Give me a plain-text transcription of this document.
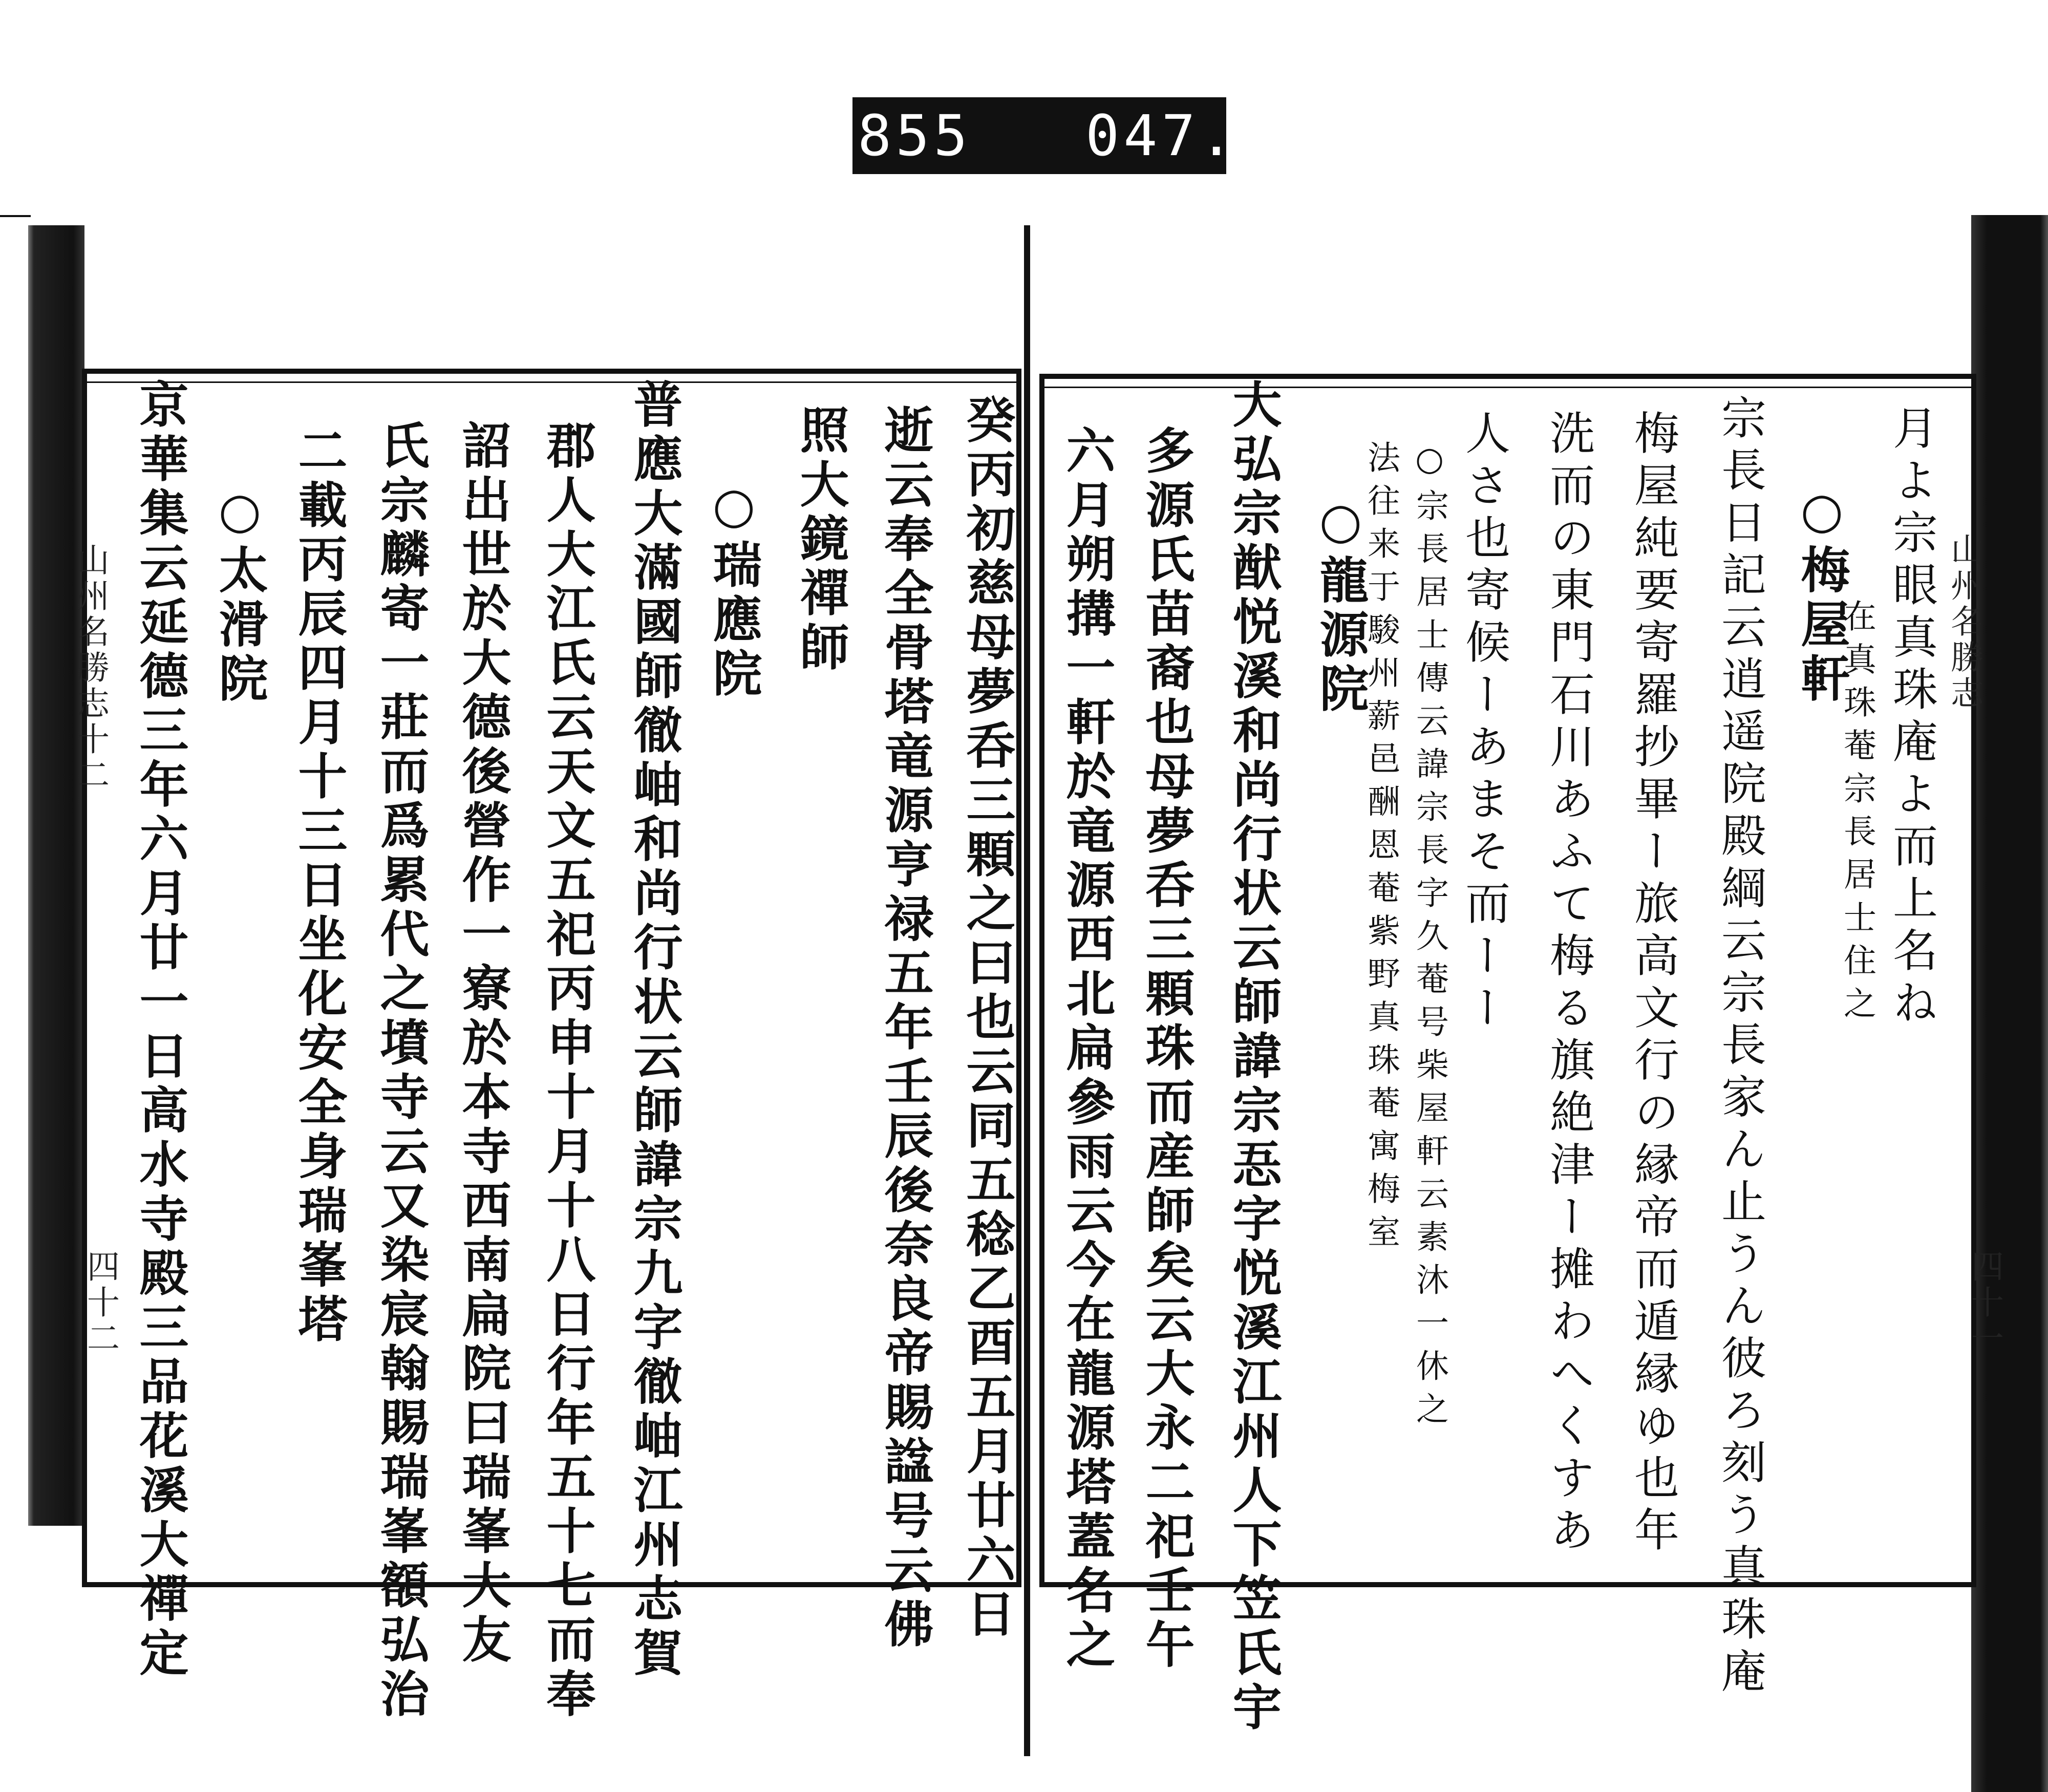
855 047.
山州名勝志十二
四十二	癸丙初慈母夢呑三顆之曰也云同五稔乙酉五月廿六日
逝云奉全骨塔竜源亨禄五年壬辰後奈良帝賜諡号云佛
照大鏡禪師
○瑞應院
普應大滿國師徹岫和尚行状云師諱宗九字徹岫江州志賀
郡人大江氏云天文五祀丙申十月十八日行年五十七而奉
詔出世於大德後營作一寮於本寺西南扁院曰瑞峯大友
氏宗麟寄一莊而爲累代之墳寺云又染宸翰賜瑞峯額弘治
二載丙辰四月十三日坐化安全身瑞峯塔
○太滑院
京華集云延德三年六月廿一日高水寺殿三品花溪大禪定	山州名勝志
四十一
月よ宗眼真珠庵よ而上名ね
○梅屋軒
在真珠菴宗長居士住之
宗長日記云逍遥院殿綱云宗長家ん止うん彼ろ刻う真珠庵
梅屋純要寄羅抄畢ー旅高文行の縁帝而遁縁ゆ也年
洗而の東門石川あふて梅る旗絶津ー摊わへくすあ
人さ也寄候ーあまそ而ーー
○龍源院 ○宗長居士傳云諱宗長字久菴号柴屋軒云素沐一休之
法往来于駿州薪邑酬恩菴紫野真珠菴寓梅室
大弘宗猷悦溪和尚行状云師諱宗忢字悦溪江州人下笠氏宇
多源氏苗裔也母夢呑三顆珠而産師矣云大永二祀壬午
六月朔搆一軒於竜源西北扁參雨云今在龍源塔蓋名之
